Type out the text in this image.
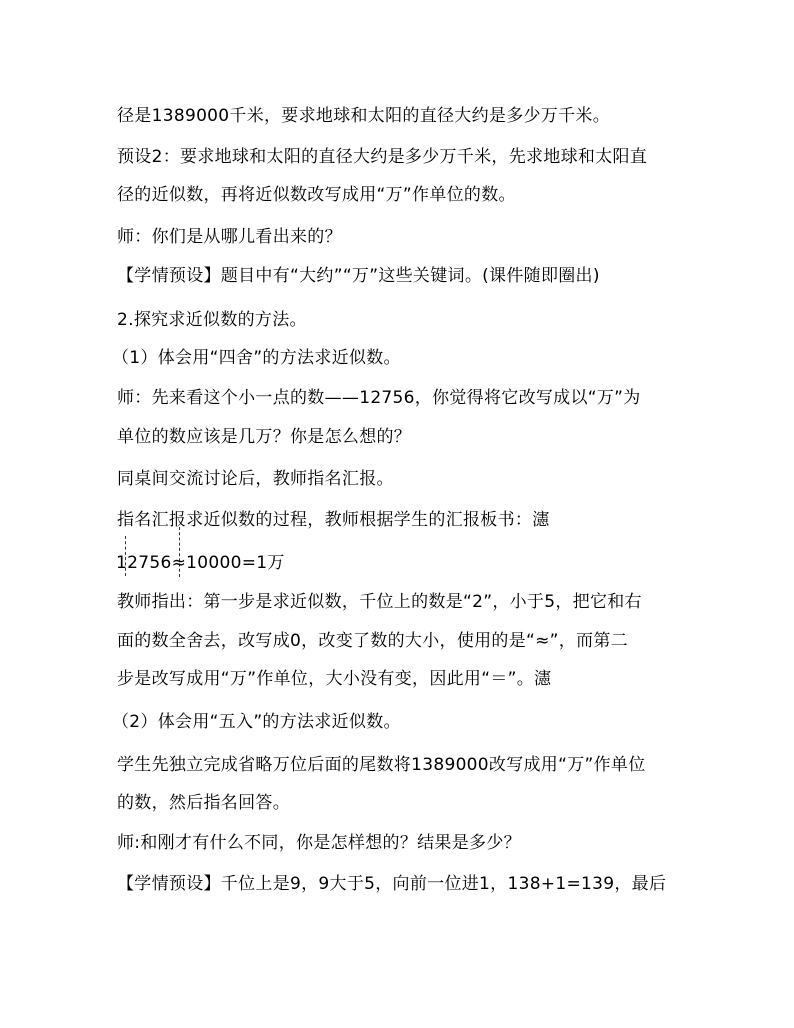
径是1389000千米，要求地球和太阳的直径大约是多少万千米。
预设2：要求地球和太阳的直径大约是多少万千米，先求地球和太阳直
径的近似数，再将近似数改写成用“万”作单位的数。
师：你们是从哪儿看出来的？
【学情预设】题目中有“大约”“万”这些关键词。(课件随即圈出)
2.探究求近似数的方法。
（1）体会用“四舍”的方法求近似数。
师：先来看这个小一点的数——12756，你觉得将它改写成以“万”为
单位的数应该是几万？你是怎么想的？
同桌间交流讨论后，教师指名汇报。
指名汇报求近似数的过程，教师根据学生的汇报板书：瀗
12756≈10000=1万
教师指出：第一步是求近似数，千位上的数是“2”，小于5，把它和右
面的数全舍去，改写成0，改变了数的大小，使用的是“≈”，而第二
步是改写成用“万”作单位，大小没有变，因此用“＝”。瀗
（2）体会用“五入”的方法求近似数。
学生先独立完成省略万位后面的尾数将1389000改写成用“万”作单位
的数，然后指名回答。
师:和刚才有什么不同，你是怎样想的？结果是多少？
【学情预设】千位上是9，9大于5，向前一位进1，138+1=139，最后
